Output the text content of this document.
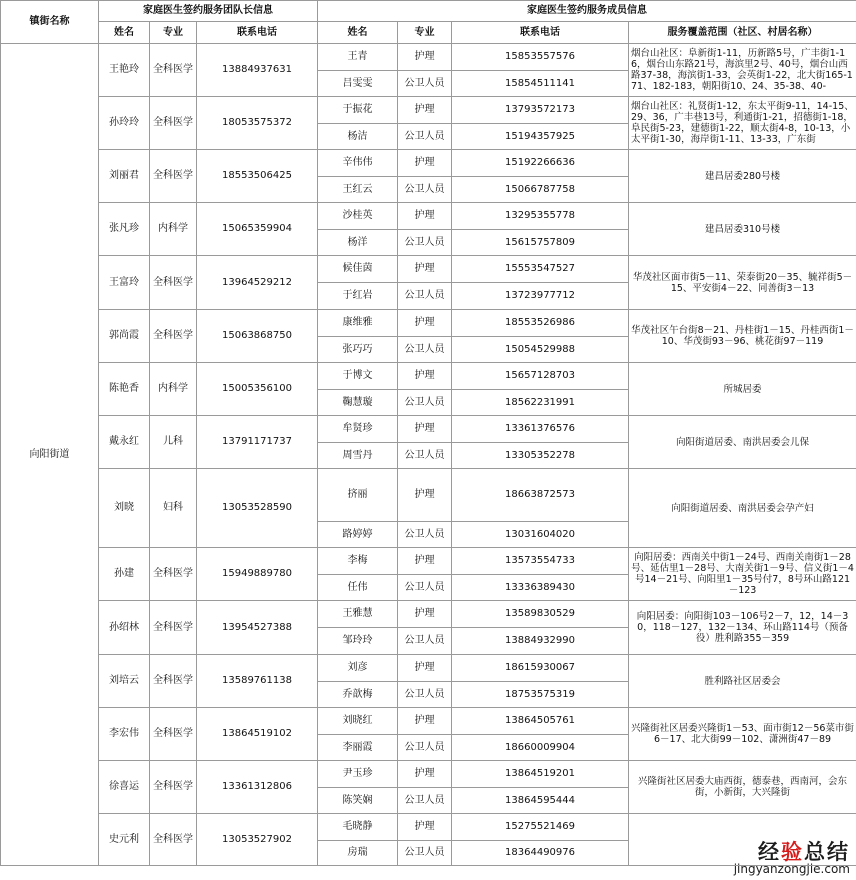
镇街名称	家庭医生签约服务团队长信息			家庭医生签约服务成员信息			
	姓名	专业	联系电话	姓名	专业	联系电话	服务覆盖范围（社区、村居名称）
向阳街道	王艳玲	全科医学	13884937631	王青	护理	15853557576	烟台山社区：阜新街1-11，历新路5号，广丰街1-16，烟台山东路21号，海滨里2号、40号，烟台山西路37-38，海滨街1-33，会英街1-22，北大街165-171、182-183，朝阳街10、24、35-38、40-
				吕雯雯	公卫人员	15854511141	
	孙玲玲	全科医学	18053575372	于振花	护理	13793572173	烟台山社区：礼贤街1-12，东太平街9-11，14-15、29、36，广丰巷13号，利通街1-21，招德街1-18，阜民街5-23，建德街1-22，顺太街4-8，10-13，小太平街1-30，海岸街1-11、13-33，广东街
				杨洁	公卫人员	15194357925	
	刘丽君	全科医学	18553506425	辛伟伟	护理	15192266636	建昌居委280号楼
				王红云	公卫人员	15066787758	
	张凡珍	内科学	15065359904	沙桂英	护理	13295355778	建昌居委310号楼
				杨洋	公卫人员	15615757809	
	王富玲	全科医学	13964529212	候佳茵	护理	15553547527	华茂社区面市街5－11、荣泰街20－35、毓祥街5－15、平安街4－22、同善街3－13
				于红岩	公卫人员	13723977712	
	郭尚霞	全科医学	15063868750	康维雅	护理	18553526986	华茂社区午台街8－21、丹桂街1－15、丹桂西街1－10、华茂街93－96、桃花街97－119
				张巧巧	公卫人员	15054529988	
	陈艳香	内科学	15005356100	于博文	护理	15657128703	所城居委
				鞠慧璇	公卫人员	18562231991	
	戴永红	儿科	13791171737	牟贤珍	护理	13361376576	向阳街道居委、南洪居委会儿保
				周雪丹	公卫人员	13305352278	
	刘晓	妇科	13053528590	挤丽	护理	18663872573	向阳街道居委、南洪居委会孕产妇
				路婷婷	公卫人员	13031604020	
	孙建	全科医学	15949889780	李梅	护理	13573554733	向阳居委：西南关中街1－24号、西南关南街1－28号、延估里1－28号、大南关街1－9号、信义街1－4号14－21号、向阳里1－35号付7，8号环山路121－123
				任伟	公卫人员	13336389430	
	孙绍林	全科医学	13954527388	王雅慧	护理	13589830529	向阳居委：向阳街103－106号2－7，12，14－30，118－127，132－134、环山路114号（预备役）胜利路355－359
				邹玲玲	公卫人员	13884932990	
	刘培云	全科医学	13589761138	刘彦	护理	18615930067	胜利路社区居委会
				乔歆梅	公卫人员	18753575319	
	李宏伟	全科医学	13864519102	刘晓红	护理	13864505761	兴隆街社区居委兴隆街1－53、面市街12－56菜市街6－17、北大街99－102、潇洲街47－89
				李丽霞	公卫人员	18660009904	
	徐喜运	全科医学	13361312806	尹玉珍	护理	13864519201	兴隆街社区居委大庙西街，德泰巷，西南河，会东街，小新街，大兴隆街
				陈笑娴	公卫人员	13864595444	
	史元利	全科医学	13053527902	毛晓静	护理	15275521469	
				房瑞	公卫人员	18364490976		经验总结
jingyanzongjie.com
